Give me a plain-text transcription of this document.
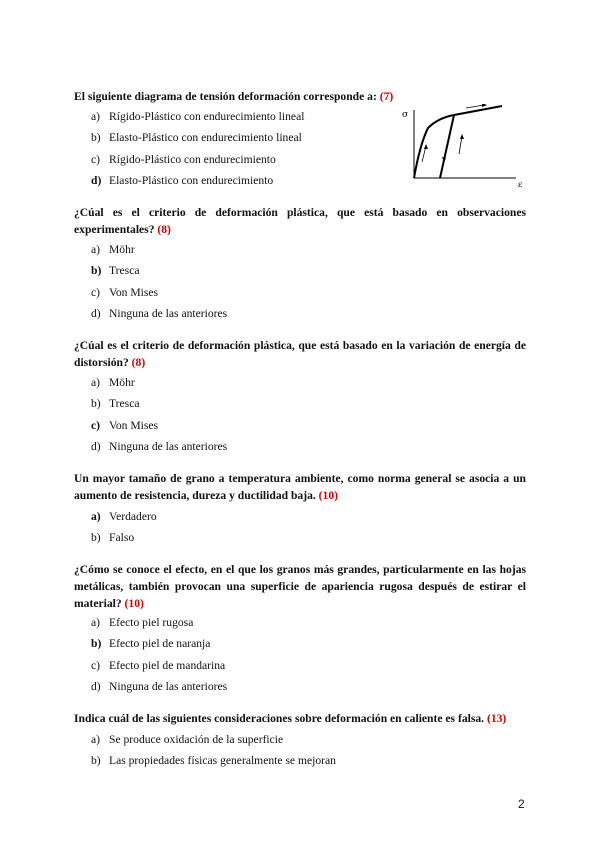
El siguiente diagrama de tensión deformación corresponde a: (7)
a) Rígido-Plástico con endurecimiento lineal
b) Elasto-Plástico con endurecimiento lineal
c) Rígido-Plástico con endurecimiento
d) Elasto-Plástico con endurecimiento
σ
ε
¿Cúal es el criterio de deformación plástica, que está basado en observaciones experimentales? (8)
a) Möhr
b) Tresca
c) Von Mises
d) Ninguna de las anteriores
¿Cúal es el criterio de deformación plástica, que está basado en la variación de energía de distorsión? (8)
a) Möhr
b) Tresca
c) Von Mises
d) Ninguna de las anteriores
Un mayor tamaño de grano a temperatura ambiente, como norma general se asocia a un aumento de resistencia, dureza y ductilidad baja. (10)
a) Verdadero
b) Falso
¿Cómo se conoce el efecto, en el que los granos más grandes, particularmente en las hojas metálicas, también provocan una superficie de apariencia rugosa después de estirar el material? (10)
a) Efecto piel rugosa
b) Efecto piel de naranja
c) Efecto piel de mandarina
d) Ninguna de las anteriores
Indica cuál de las siguientes consideraciones sobre deformación en caliente es falsa. (13)
a) Se produce oxidación de la superficie
b) Las propiedades físicas generalmente se mejoran
2
